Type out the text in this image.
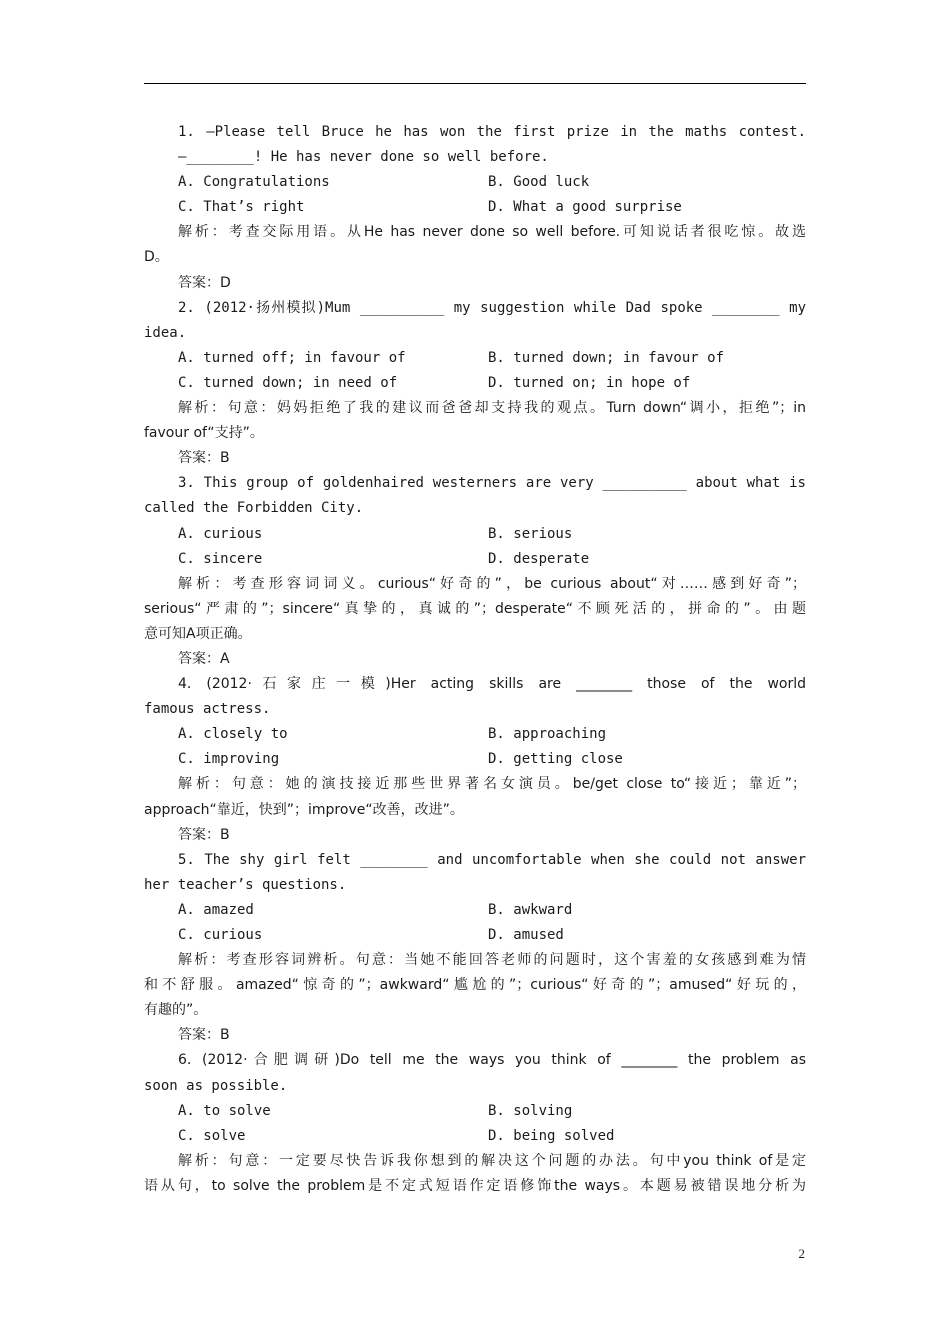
1. —Please tell Bruce he has won the first prize in the maths contest.
—________! He has never done so well before.
A. Congratulations	B. Good luck
C. That’s right	D. What a good surprise
解析：考查交际用语。从He has never done so well before.可知说话者很吃惊。故选
D。
答案：D
2. (2012·扬州模拟)Mum __________ my suggestion while Dad spoke ________ my
idea.
A. turned off; in favour of	B. turned down; in favour of
C. turned down; in need of	D. turned on; in hope of
解析：句意：妈妈拒绝了我的建议而爸爸却支持我的观点。Turn down“调小，拒绝”；in
favour of“支持”。
答案：B
3. This group of goldenhaired westerners are very __________ about what is
called the Forbidden City.
A. curious	B. serious
C. sincere	D. desperate
解析：考查形容词词义。curious“好奇的”，be curious about“对……感到好奇”；
serious“严肃的”；sincere“真挚的，真诚的”；desperate“不顾死活的，拼命的”。由题
意可知A项正确。
答案：A
4. (2012·石家庄一模)Her acting skills are ________ those of the world
famous actress.
A. closely to	B. approaching
C. improving	D. getting close
解析：句意：她的演技接近那些世界著名女演员。be/get close to“接近；靠近”；
approach“靠近，快到”；improve“改善，改进”。
答案：B
5. The shy girl felt ________ and uncomfortable when she could not answer
her teacher’s questions.
A. amazed	B. awkward
C. curious	D. amused
解析：考查形容词辨析。句意：当她不能回答老师的问题时，这个害羞的女孩感到难为情
和不舒服。amazed“惊奇的”；awkward“尴尬的”；curious“好奇的”；amused“好玩的，
有趣的”。
答案：B
6. (2012·合肥调研)Do tell me the ways you think of ________ the problem as
soon as possible.
A. to solve	B. solving
C. solve	D. being solved
解析：句意：一定要尽快告诉我你想到的解决这个问题的办法。句中you think of是定
语从句，to solve the problem是不定式短语作定语修饰the ways。本题易被错误地分析为
2
